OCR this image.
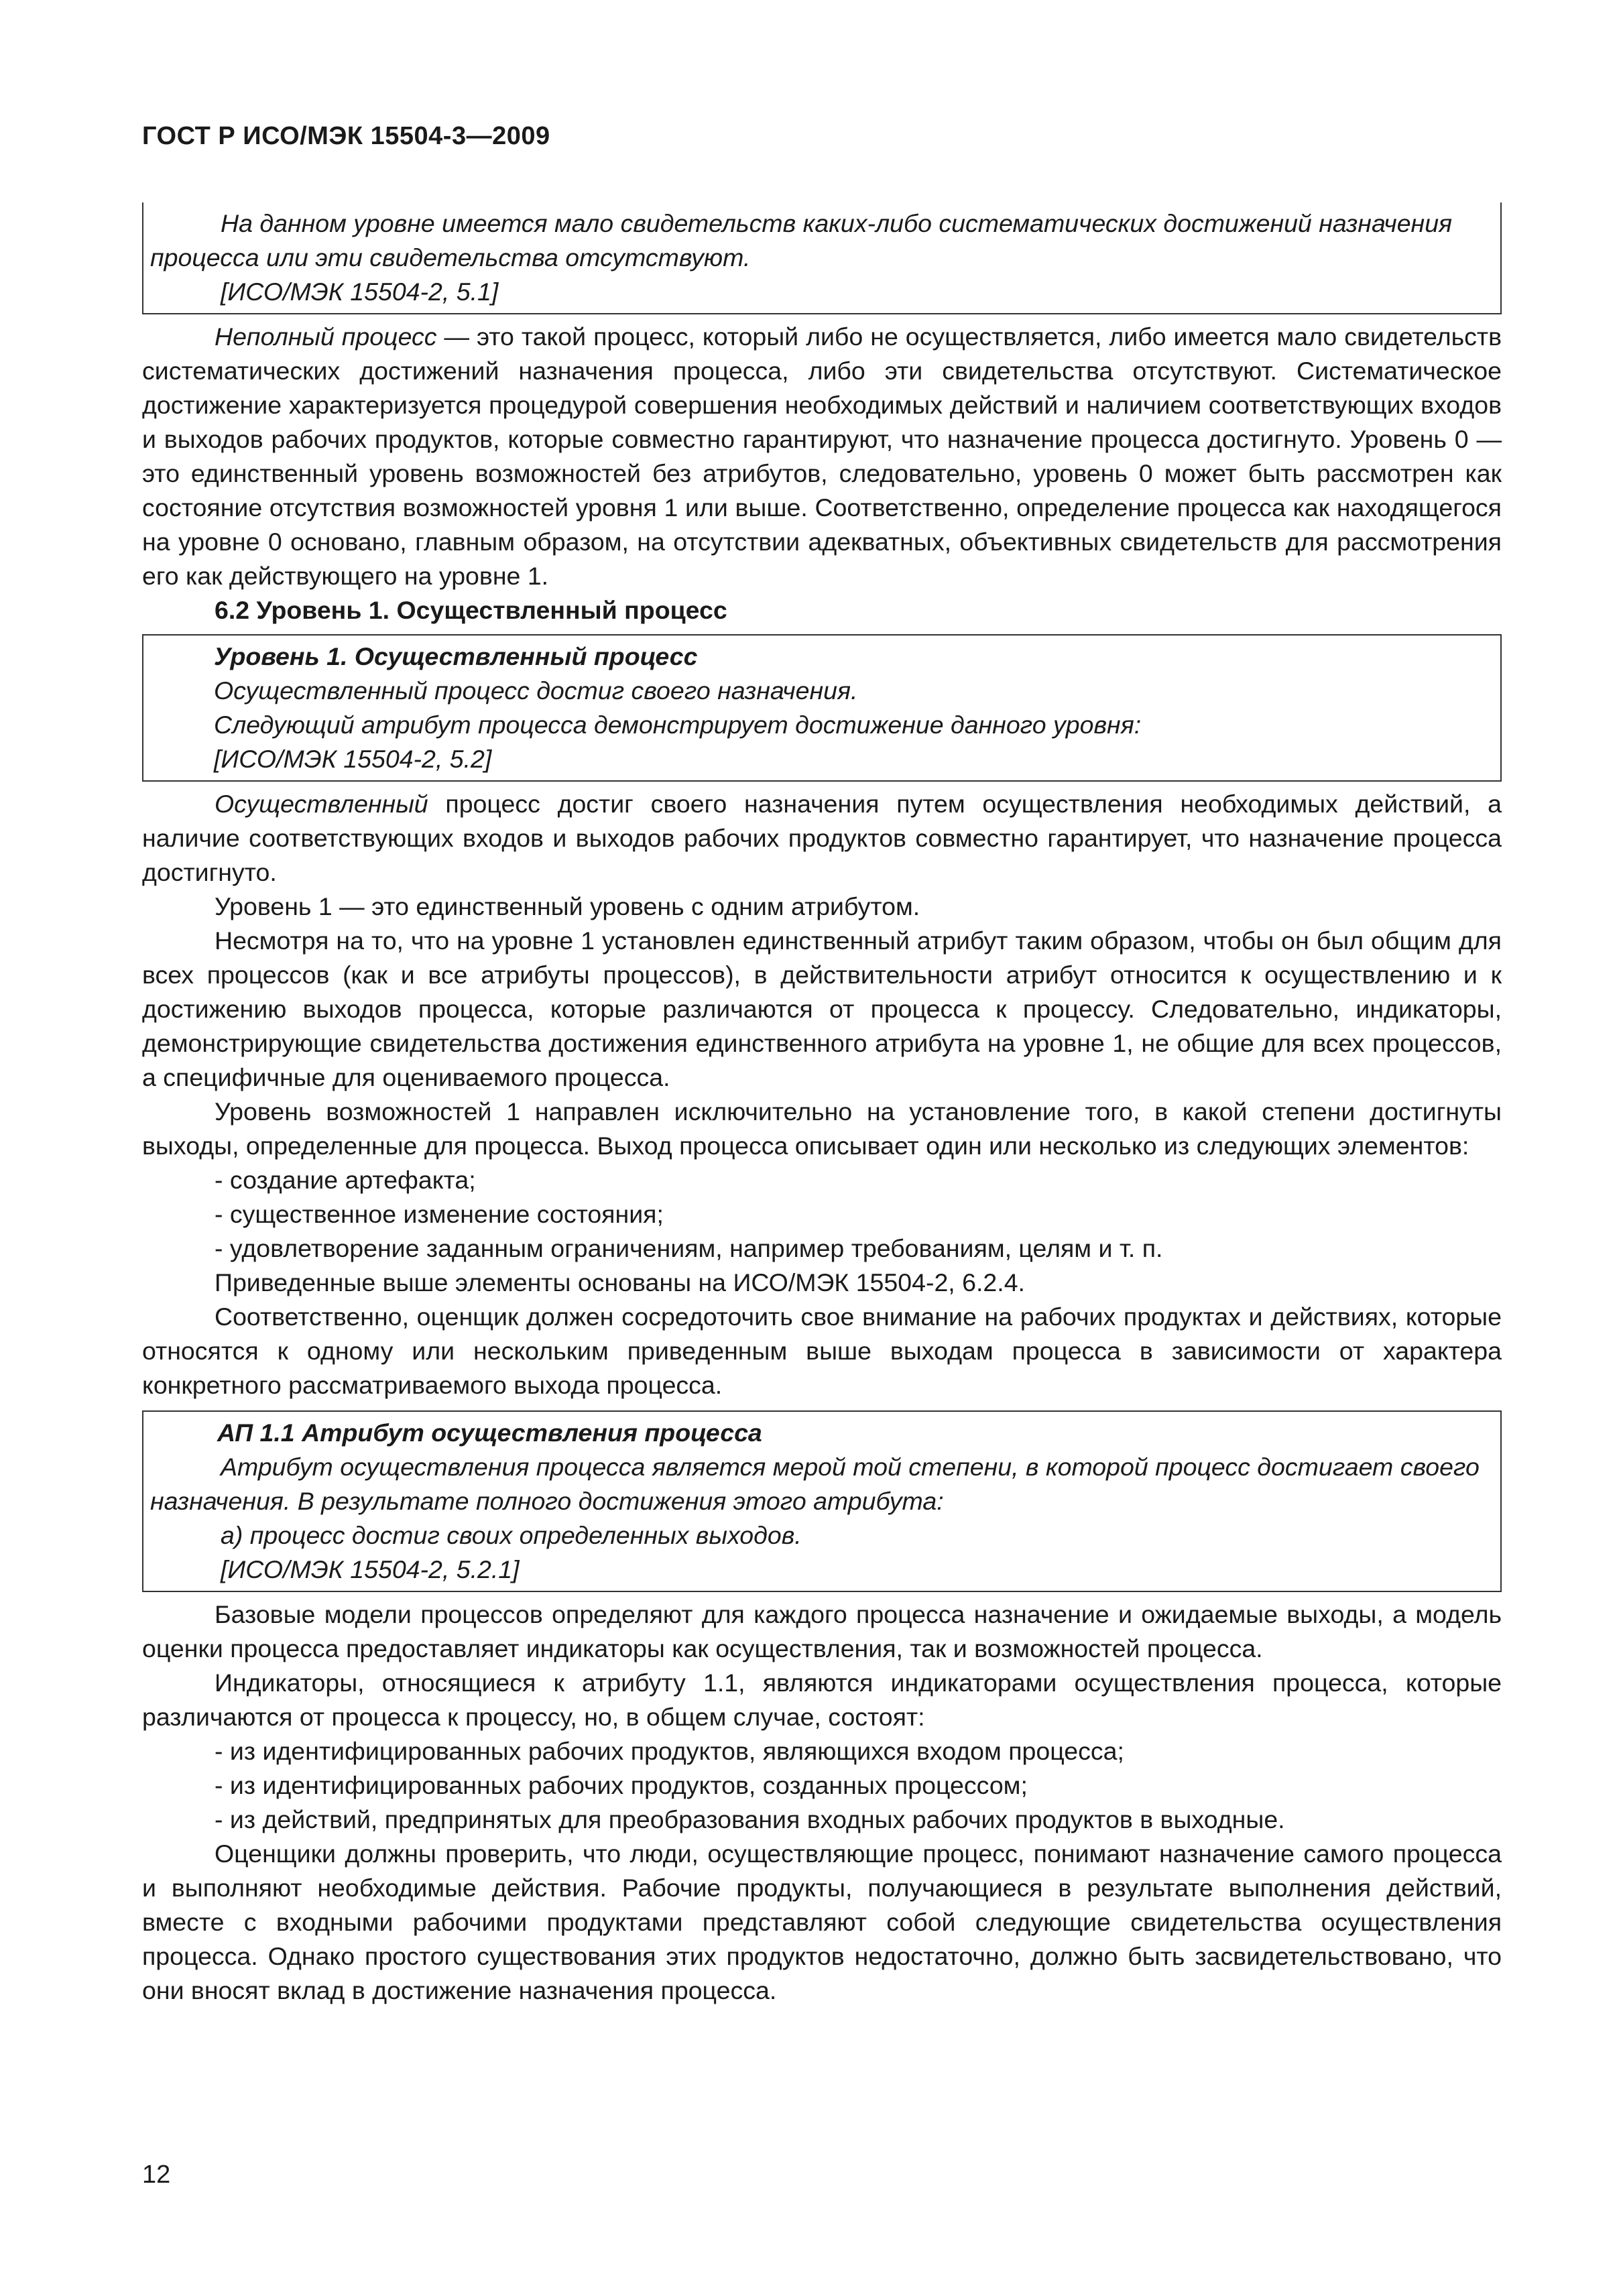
ГОСТ Р ИСО/МЭК 15504-3—2009

На данном уровне имеется мало свидетельств каких-либо систематических достижений назначения процесса или эти свидетельства отсутствуют.

[ИСО/МЭК 15504-2, 5.1]

Неполный процесс — это такой процесс, который либо не осуществляется, либо имеется мало свидетельств систематических достижений назначения процесса, либо эти свидетельства отсутствуют. Систематическое достижение характеризуется процедурой совершения необходимых действий и наличием соответствующих входов и выходов рабочих продуктов, которые совместно гарантируют, что назначение процесса достигнуто. Уровень 0 — это единственный уровень возможностей без атрибутов, следовательно, уровень 0 может быть рассмотрен как состояние отсутствия возможностей уровня 1 или выше. Соответственно, определение процесса как находящегося на уровне 0 основано, главным образом, на отсутствии адекватных, объективных свидетельств для рассмотрения его как действующего на уровне 1.

6.2 Уровень 1. Осуществленный процесс

Уровень 1. Осуществленный процесс

Осуществленный процесс достиг своего назначения.

Следующий атрибут процесса демонстрирует достижение данного уровня:

[ИСО/МЭК 15504-2, 5.2]

Осуществленный процесс достиг своего назначения путем осуществления необходимых действий, а наличие соответствующих входов и выходов рабочих продуктов совместно гарантирует, что назначение процесса достигнуто.

Уровень 1 — это единственный уровень с одним атрибутом.

Несмотря на то, что на уровне 1 установлен единственный атрибут таким образом, чтобы он был общим для всех процессов (как и все атрибуты процессов), в действительности атрибут относится к осуществлению и к достижению выходов процесса, которые различаются от процесса к процессу. Следовательно, индикаторы, демонстрирующие свидетельства достижения единственного атрибута на уровне 1, не общие для всех процессов, а специфичные для оцениваемого процесса.

Уровень возможностей 1 направлен исключительно на установление того, в какой степени достигнуты выходы, определенные для процесса. Выход процесса описывает один или несколько из следующих элементов:

- создание артефакта;

- существенное изменение состояния;

- удовлетворение заданным ограничениям, например требованиям, целям и т. п.

Приведенные выше элементы основаны на ИСО/МЭК 15504-2, 6.2.4.

Соответственно, оценщик должен сосредоточить свое внимание на рабочих продуктах и действиях, которые относятся к одному или нескольким приведенным выше выходам процесса в зависимости от характера конкретного рассматриваемого выхода процесса.

АП 1.1 Атрибут осуществления процесса

Атрибут осуществления процесса является мерой той степени, в которой процесс достигает своего назначения. В результате полного достижения этого атрибута:

а) процесс достиг своих определенных выходов.

[ИСО/МЭК 15504-2, 5.2.1]

Базовые модели процессов определяют для каждого процесса назначение и ожидаемые выходы, а модель оценки процесса предоставляет индикаторы как осуществления, так и возможностей процесса.

Индикаторы, относящиеся к атрибуту 1.1, являются индикаторами осуществления процесса, которые различаются от процесса к процессу, но, в общем случае, состоят:

- из идентифицированных рабочих продуктов, являющихся входом процесса;

- из идентифицированных рабочих продуктов, созданных процессом;

- из действий, предпринятых для преобразования входных рабочих продуктов в выходные.

Оценщики должны проверить, что люди, осуществляющие процесс, понимают назначение самого процесса и выполняют необходимые действия. Рабочие продукты, получающиеся в результате выполнения действий, вместе с входными рабочими продуктами представляют собой следующие свидетельства осуществления процесса. Однако простого существования этих продуктов недостаточно, должно быть засвидетельствовано, что они вносят вклад в достижение назначения процесса.

12
